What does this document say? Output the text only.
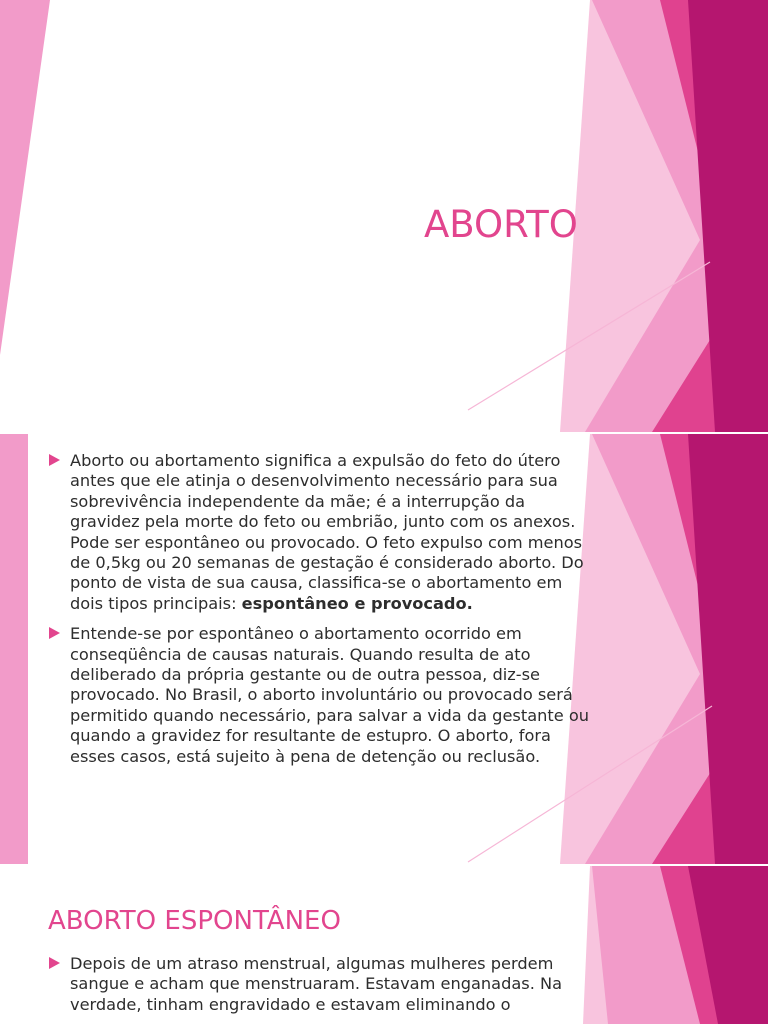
ABORTO
Aborto ou abortamento significa a expulsão do feto do útero antes que ele atinja o desenvolvimento necessário para sua sobrevivência independente da mãe; é a interrupção da gravidez pela morte do feto ou embrião, junto com os anexos. Pode ser espontâneo ou provocado. O feto expulso com menos de 0,5kg ou 20 semanas de gestação é considerado aborto. Do ponto de vista de sua causa, classifica-se o abortamento em dois tipos principais: espontâneo e provocado.
Entende-se por espontâneo o abortamento ocorrido em conseqüência de causas naturais. Quando resulta de ato deliberado da própria gestante ou de outra pessoa, diz-se provocado. No Brasil, o aborto involuntário ou provocado será permitido quando necessário, para salvar a vida da gestante ou quando a gravidez for resultante de estupro. O aborto, fora esses casos, está sujeito à pena de detenção ou reclusão.
ABORTO ESPONTÂNEO
Depois de um atraso menstrual, algumas mulheres perdem sangue e acham que menstruaram. Estavam enganadas. Na verdade, tinham engravidado e estavam eliminando o
